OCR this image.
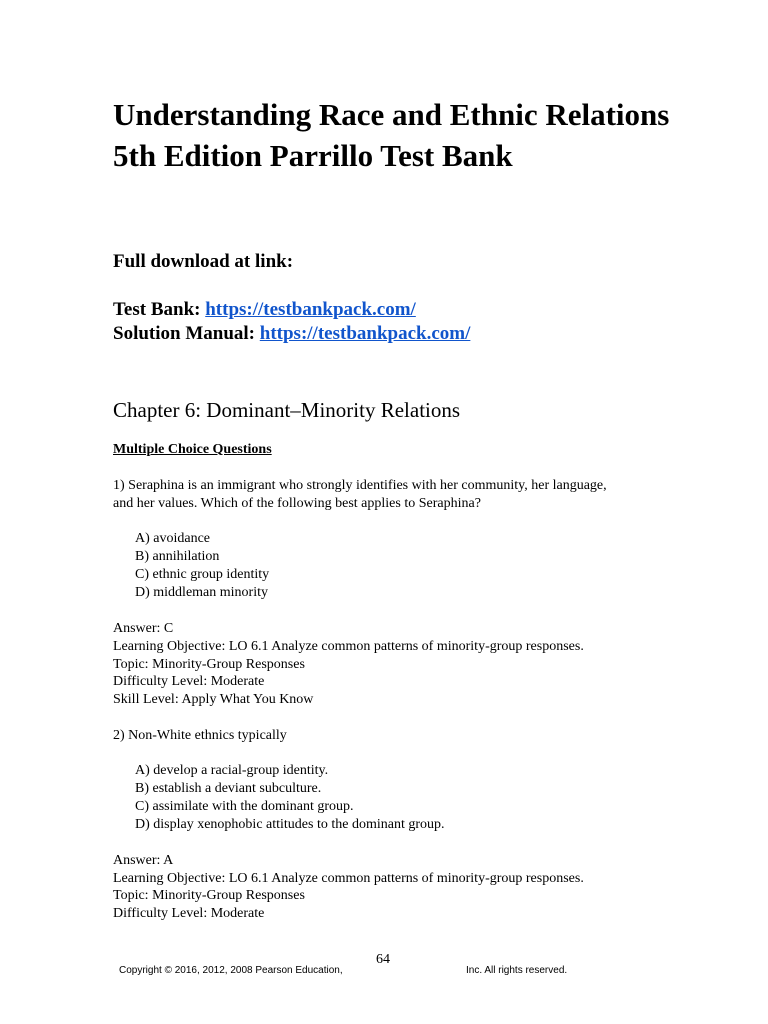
Understanding Race and Ethnic Relations 5th Edition Parrillo Test Bank

Full download at link:

Test Bank: https://testbankpack.com/

Solution Manual: https://testbankpack.com/

Chapter 6: Dominant–Minority Relations

Multiple Choice Questions

1) Seraphina is an immigrant who strongly identifies with her community, her language,

and her values. Which of the following best applies to Seraphina?

A) avoidance

B) annihilation

C) ethnic group identity

D) middleman minority

Answer: C

Learning Objective: LO 6.1 Analyze common patterns of minority-group responses.

Topic: Minority-Group Responses

Difficulty Level: Moderate

Skill Level: Apply What You Know

2) Non-White ethnics typically

A) develop a racial-group identity.

B) establish a deviant subculture.

C) assimilate with the dominant group.

D) display xenophobic attitudes to the dominant group.

Answer: A

Learning Objective: LO 6.1 Analyze common patterns of minority-group responses.

Topic: Minority-Group Responses

Difficulty Level: Moderate

64

Copyright © 2016, 2012, 2008 Pearson Education,	Inc. All rights reserved.
